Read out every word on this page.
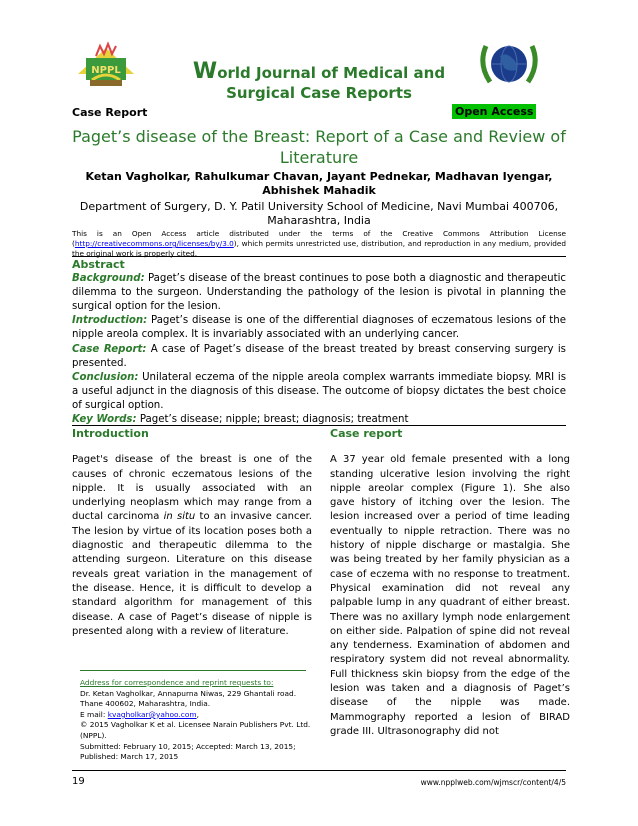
NPPL	World Journal of Medical and
Surgical Case Reports
Case Report	Open Access
Paget’s disease of the Breast: Report of a Case and Review of Literature
Ketan Vagholkar, Rahulkumar Chavan, Jayant Pednekar, Madhavan Iyengar, Abhishek Mahadik
Department of Surgery, D. Y. Patil University School of Medicine, Navi Mumbai 400706, Maharashtra, India
This is an Open Access article distributed under the terms of the Creative Commons Attribution License (http://creativecommons.org/licenses/by/3.0), which permits unrestricted use, distribution, and reproduction in any medium, provided the original work is properly cited.
Abstract

Background: Paget’s disease of the breast continues to pose both a diagnostic and therapeutic dilemma to the surgeon. Understanding the pathology of the lesion is pivotal in planning the surgical option for the lesion.

Introduction: Paget’s disease is one of the differential diagnoses of eczematous lesions of the nipple areola complex. It is invariably associated with an underlying cancer.

Case Report: A case of Paget’s disease of the breast treated by breast conserving surgery is presented.

Conclusion: Unilateral eczema of the nipple areola complex warrants immediate biopsy. MRI is a useful adjunct in the diagnosis of this disease. The outcome of biopsy dictates the best choice of surgical option.

Key Words: Paget’s disease; nipple; breast; diagnosis; treatment

Introduction

Paget's disease of the breast is one of the causes of chronic eczematous lesions of the nipple. It is usually associated with an underlying neoplasm which may range from a ductal carcinoma in situ to an invasive cancer. The lesion by virtue of its location poses both a diagnostic and therapeutic dilemma to the attending surgeon. Literature on this disease reveals great variation in the management of the disease. Hence, it is difficult to develop a standard algorithm for management of this disease. A case of Paget’s disease of nipple is presented along with a review of literature.

Address for correspondence and reprint requests to:
Dr. Ketan Vagholkar, Annapurna Niwas, 229 Ghantali road. Thane 400602, Maharashtra, India.
E mail: kvagholkar@yahoo.com,
© 2015 Vagholkar K et al. Licensee Narain Publishers Pvt. Ltd. (NPPL).
Submitted: February 10, 2015; Accepted: March 13, 2015; Published: March 17, 2015
Case report

A 37 year old female presented with a long standing ulcerative lesion involving the right nipple areolar complex (Figure 1). She also gave history of itching over the lesion. The lesion increased over a period of time leading eventually to nipple retraction. There was no history of nipple discharge or mastalgia. She was being treated by her family physician as a case of eczema with no response to treatment. Physical examination did not reveal any palpable lump in any quadrant of either breast. There was no axillary lymph node enlargement on either side. Palpation of spine did not reveal any tenderness. Examination of abdomen and respiratory system did not reveal abnormality. Full thickness skin biopsy from the edge of the lesion was taken and a diagnosis of Paget’s disease of the nipple was made. Mammography reported a lesion of BIRAD grade III. Ultrasonography did not

19	www.npplweb.com/wjmscr/content/4/5
